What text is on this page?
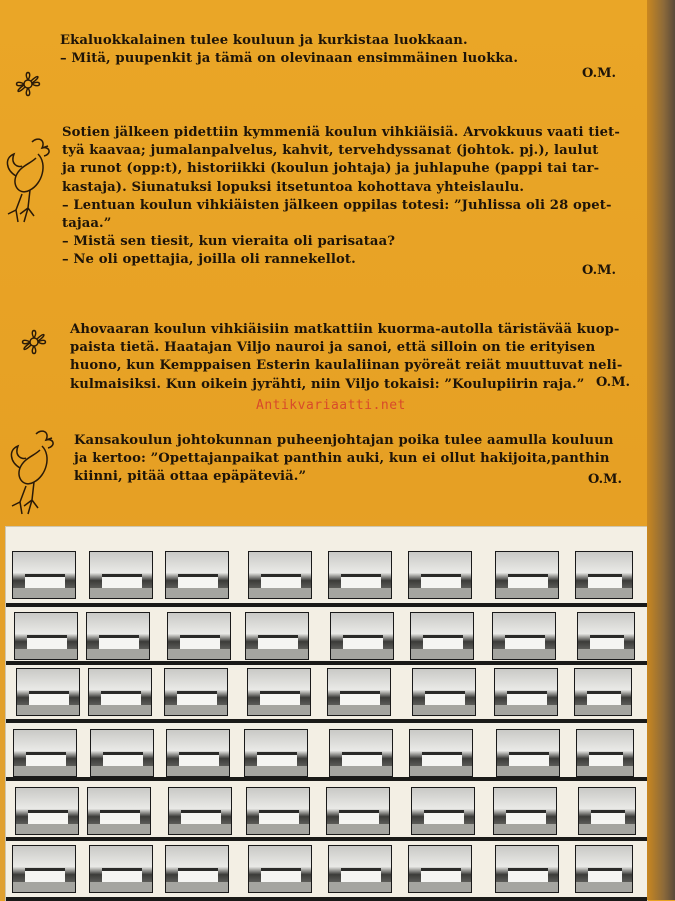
Ekaluokkalainen tulee kouluun ja kurkistaa luokkaan.

– Mitä, puupenkit ja tämä on olevinaan ensimmäinen luokka.

O.M.

Sotien jälkeen pidettiin kymmeniä koulun vihkiäisiä. Arvokkuus vaati tiet-

tyä kaavaa; jumalanpalvelus, kahvit, tervehdyssanat (johtok. pj.), laulut

ja runot (opp:t), historiikki (koulun johtaja) ja juhlapuhe (pappi tai tar-

kastaja). Siunatuksi lopuksi itsetuntoa kohottava yhteislaulu.

– Lentuan koulun vihkiäisten jälkeen oppilas totesi: ”Juhlissa oli 28 opet-

tajaa.”

– Mistä sen tiesit, kun vieraita oli parisataa?

– Ne oli opettajia, joilla oli rannekellot.

O.M.

Ahovaaran koulun vihkiäisiin matkattiin kuorma-autolla täristävää kuop-

paista tietä. Haatajan Viljo nauroi ja sanoi, että silloin on tie erityisen

huono, kun Kemppaisen Esterin kaulaliinan pyöreät reiät muuttuvat neli-

kulmaisiksi. Kun oikein jyrähti, niin Viljo tokaisi: ”Koulupiirin raja.” O.M.
Antikvariaatti.net

Kansakoulun johtokunnan puheenjohtajan poika tulee aamulla kouluun

ja kertoo: ”Opettajanpaikat panthin auki, kun ei ollut hakijoita,panthin

kiinni, pitää ottaa epäpäteviä.”	O.M.
